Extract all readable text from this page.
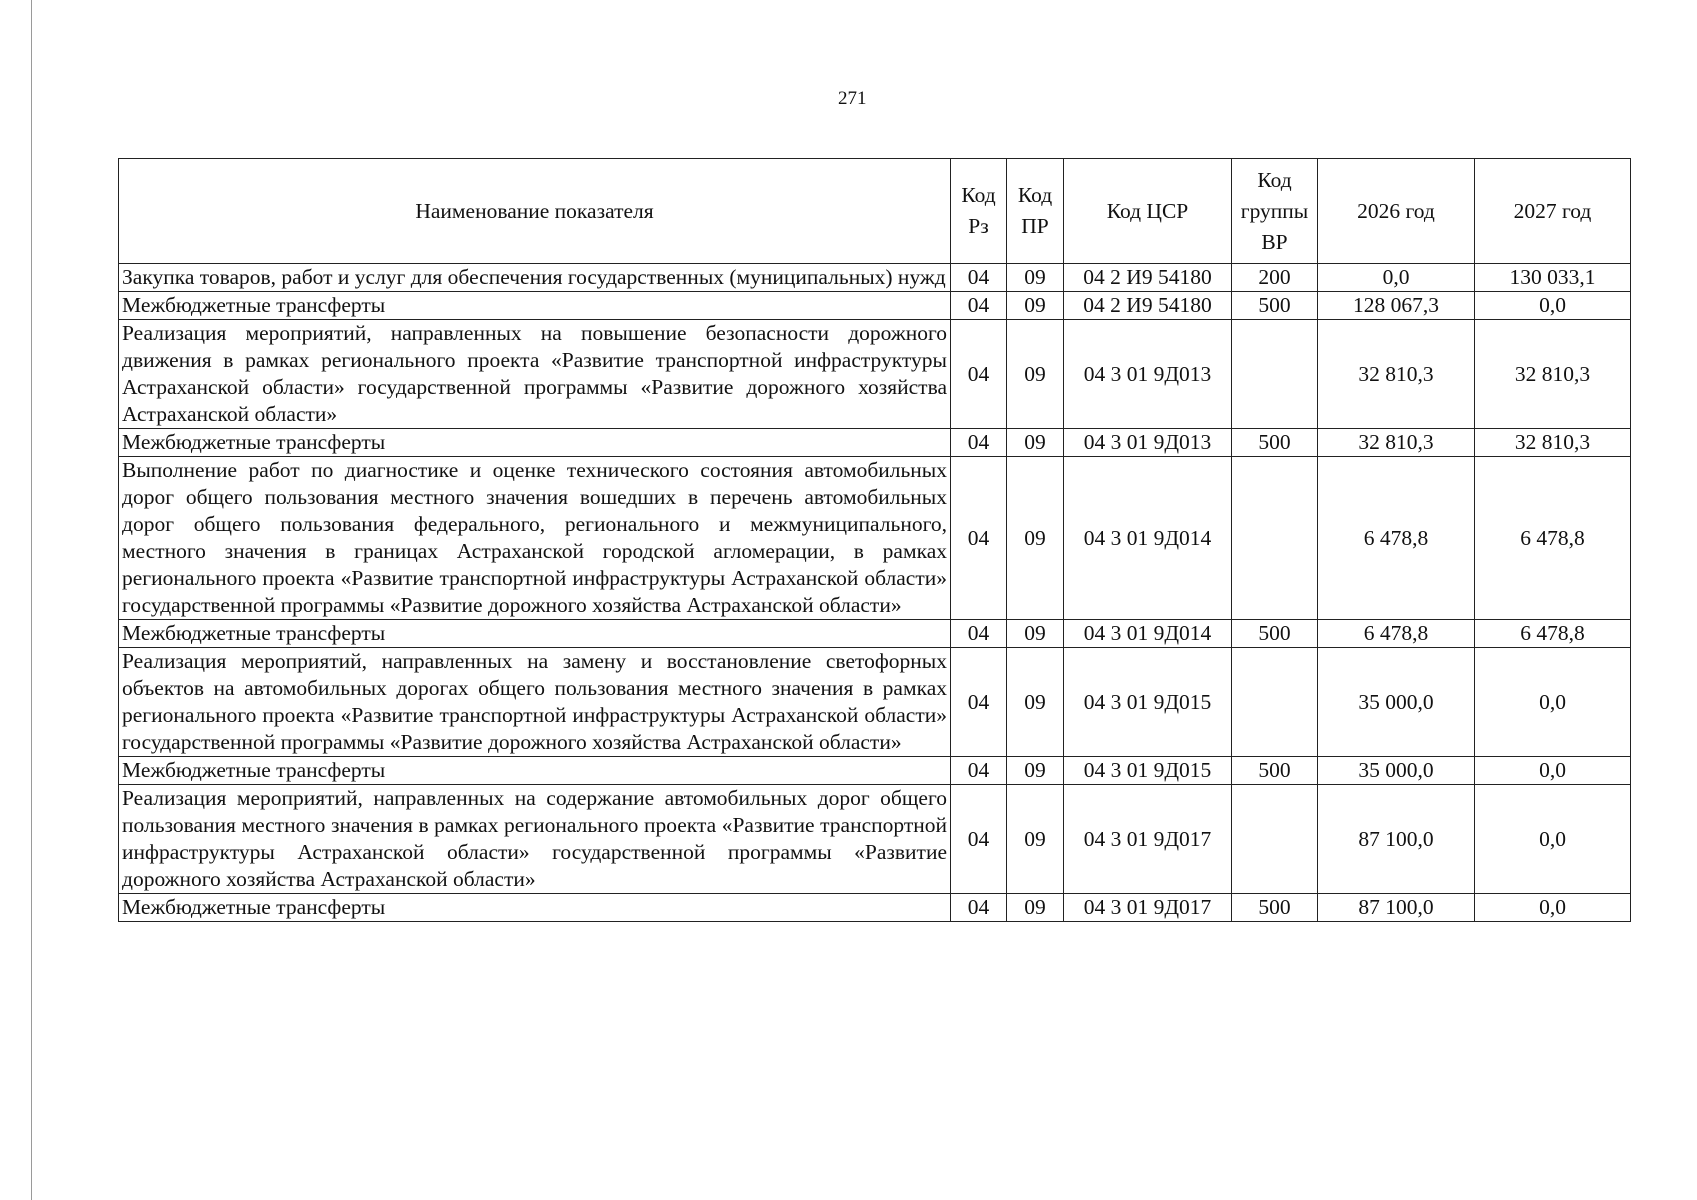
271
Наименование показателя	Код Рз	Код ПР	Код ЦСР	Код группы ВР	2026 год	2027 год
Закупка товаров, работ и услуг для обеспечения государственных (муниципальных) нужд	04	09	04 2 И9 54180	200	0,0	130 033,1
Межбюджетные трансферты	04	09	04 2 И9 54180	500	128 067,3	0,0
Реализация мероприятий, направленных на повышение безопасности дорожного движения в рамках регионального проекта «Развитие транспортной инфраструктуры Астраханской области» государственной программы «Развитие дорожного хозяйства Астраханской области»	04	09	04 3 01 9Д013		32 810,3	32 810,3
Межбюджетные трансферты	04	09	04 3 01 9Д013	500	32 810,3	32 810,3
Выполнение работ по диагностике и оценке технического состояния автомобильных дорог общего пользования местного значения вошедших в перечень автомобильных дорог общего пользования федерального, регионального и межмуниципального, местного значения в границах Астраханской городской агломерации, в рамках регионального проекта «Развитие транспортной инфраструктуры Астраханской области» государственной программы «Развитие дорожного хозяйства Астраханской области»	04	09	04 3 01 9Д014		6 478,8	6 478,8
Межбюджетные трансферты	04	09	04 3 01 9Д014	500	6 478,8	6 478,8
Реализация мероприятий, направленных на замену и восстановление светофорных объектов на автомобильных дорогах общего пользования местного значения в рамках регионального проекта «Развитие транспортной инфраструктуры Астраханской области» государственной программы «Развитие дорожного хозяйства Астраханской области»	04	09	04 3 01 9Д015		35 000,0	0,0
Межбюджетные трансферты	04	09	04 3 01 9Д015	500	35 000,0	0,0
Реализация мероприятий, направленных на содержание автомобильных дорог общего пользования местного значения в рамках регионального проекта «Развитие транспортной инфраструктуры Астраханской области» государственной программы «Развитие дорожного хозяйства Астраханской области»	04	09	04 3 01 9Д017		87 100,0	0,0
Межбюджетные трансферты	04	09	04 3 01 9Д017	500	87 100,0	0,0
